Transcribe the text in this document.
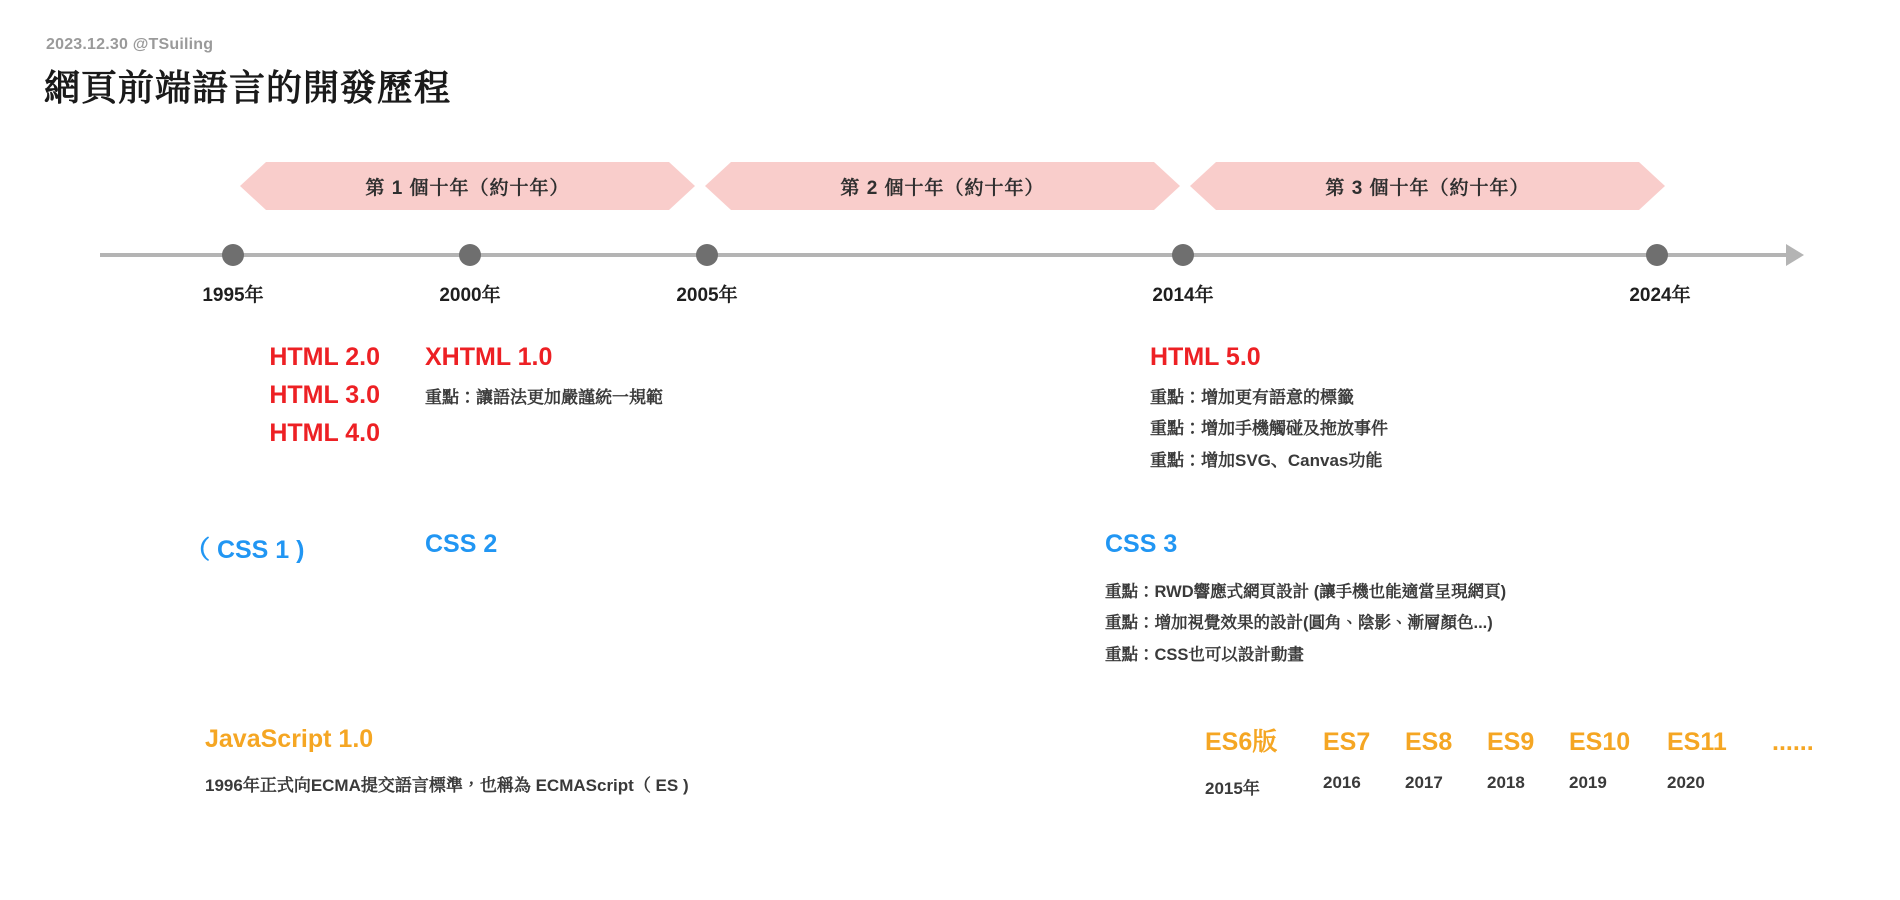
2023.12.30 @TSuiling
網頁前端語言的開發歷程
第 1 個十年（約十年）	第 2 個十年（約十年）	第 3 個十年（約十年）
1995年	2000年	2005年	2014年	2024年
HTML 2.0
HTML 3.0
HTML 4.0
XHTML 1.0
重點：讓語法更加嚴謹統一規範
HTML 5.0
重點：增加更有語意的標籤
重點：增加手機觸碰及拖放事件
重點：增加SVG、Canvas功能
（ CSS 1 )	CSS 2	CSS 3
重點：RWD響應式網頁設計 (讓手機也能適當呈現網頁)
重點：增加視覺效果的設計(圓角、陰影、漸層顏色...)
重點：CSS也可以設計動畫
JavaScript 1.0
1996年正式向ECMA提交語言標準，也稱為 ECMAScript（ ES )
ES6版
2015年
ES7
2016
ES8
2017
ES9
2018
ES10
2019
ES11
2020
......
